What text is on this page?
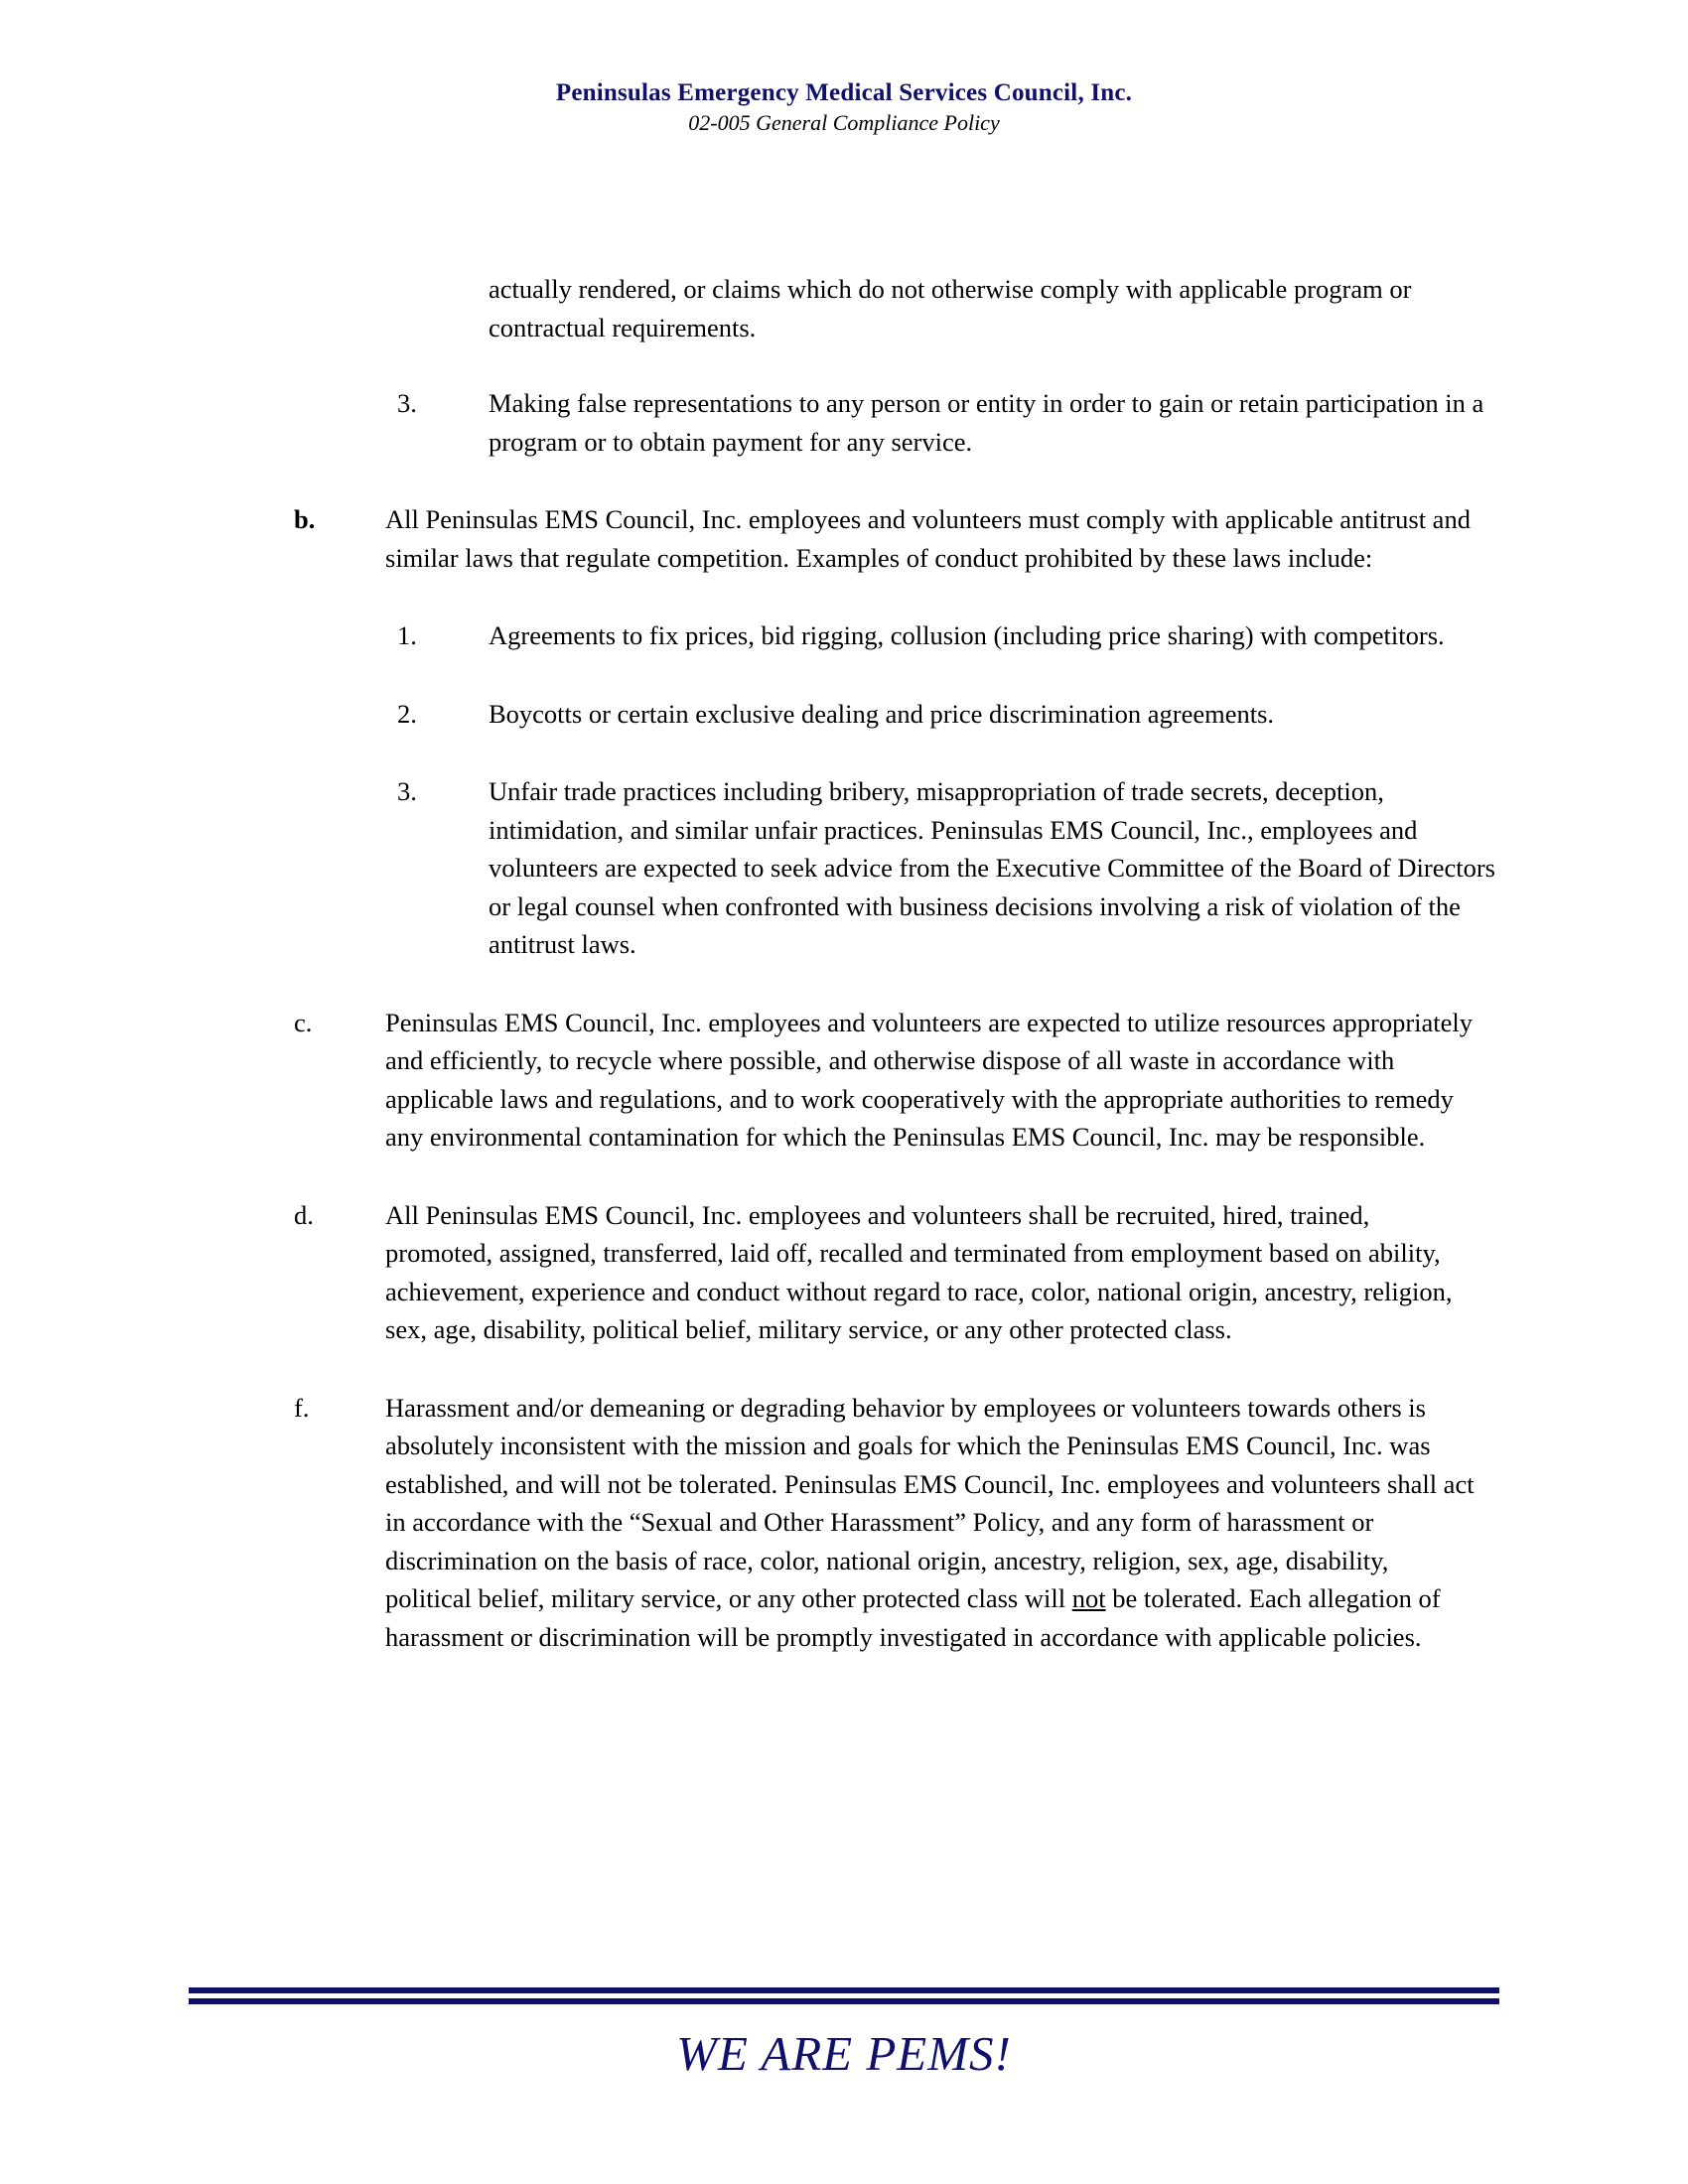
Peninsulas Emergency Medical Services Council, Inc.
02-005 General Compliance Policy
actually rendered, or claims which do not otherwise comply with applicable program or contractual requirements.
3.	Making false representations to any person or entity in order to gain or retain participation in a program or to obtain payment for any service.
b.	All Peninsulas EMS Council, Inc. employees and volunteers must comply with applicable antitrust and similar laws that regulate competition. Examples of conduct prohibited by these laws include:
1.	Agreements to fix prices, bid rigging, collusion (including price sharing) with competitors.
2.	Boycotts or certain exclusive dealing and price discrimination agreements.
3.	Unfair trade practices including bribery, misappropriation of trade secrets, deception, intimidation, and similar unfair practices. Peninsulas EMS Council, Inc., employees and volunteers are expected to seek advice from the Executive Committee of the Board of Directors or legal counsel when confronted with business decisions involving a risk of violation of the antitrust laws.
c.	Peninsulas EMS Council, Inc. employees and volunteers are expected to utilize resources appropriately and efficiently, to recycle where possible, and otherwise dispose of all waste in accordance with applicable laws and regulations, and to work cooperatively with the appropriate authorities to remedy any environmental contamination for which the Peninsulas EMS Council, Inc. may be responsible.
d.	All Peninsulas EMS Council, Inc. employees and volunteers shall be recruited, hired, trained, promoted, assigned, transferred, laid off, recalled and terminated from employment based on ability, achievement, experience and conduct without regard to race, color, national origin, ancestry, religion, sex, age, disability, political belief, military service, or any other protected class.
f.	Harassment and/or demeaning or degrading behavior by employees or volunteers towards others is absolutely inconsistent with the mission and goals for which the Peninsulas EMS Council, Inc. was established, and will not be tolerated. Peninsulas EMS Council, Inc. employees and volunteers shall act in accordance with the “Sexual and Other Harassment” Policy, and any form of harassment or discrimination on the basis of race, color, national origin, ancestry, religion, sex, age, disability, political belief, military service, or any other protected class will not be tolerated. Each allegation of harassment or discrimination will be promptly investigated in accordance with applicable policies.
WE ARE PEMS!
